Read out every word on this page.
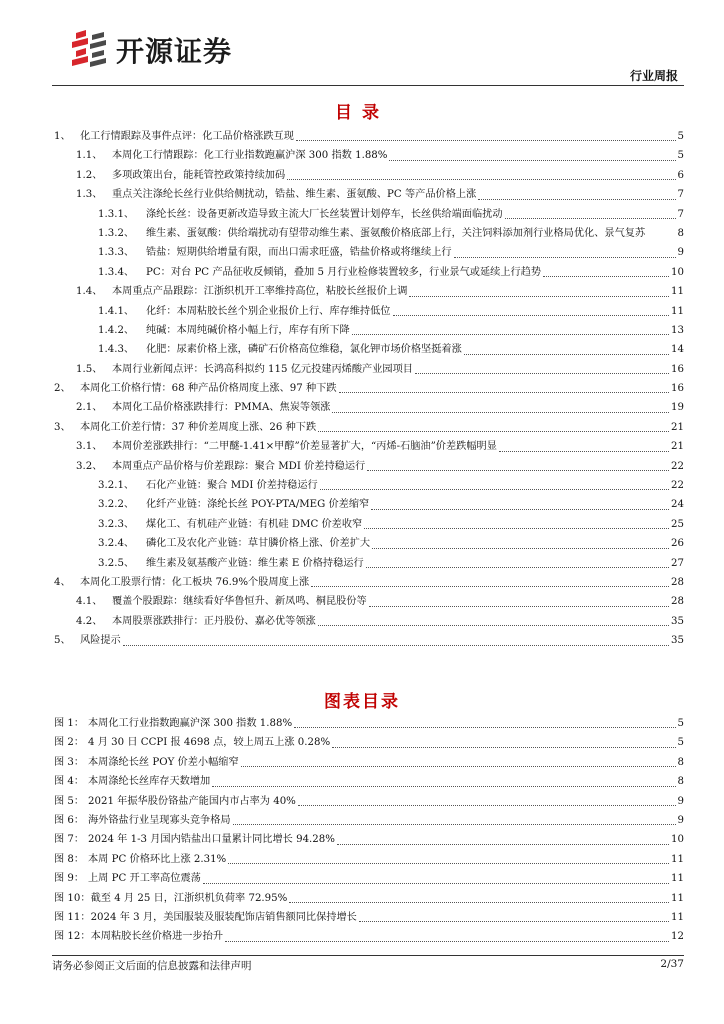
开源证券
行业周报
目录
1、 化工行情跟踪及事件点评：化工品价格涨跌互现	5
1.1、 本周化工行情跟踪：化工行业指数跑赢沪深 300 指数 1.88%	5
1.2、 多项政策出台，能耗管控政策持续加码	6
1.3、 重点关注涤纶长丝行业供给侧扰动，锆盐、维生素、蛋氨酸、PC 等产品价格上涨	7
1.3.1、	涤纶长丝：设备更新改造导致主流大厂长丝装置计划停车，长丝供给端面临扰动	7
1.3.2、	维生素、蛋氨酸：供给端扰动有望带动维生素、蛋氨酸价格底部上行，关注饲料添加剂行业格局优化、景气复苏	8
1.3.3、	锆盐：短期供给增量有限，而出口需求旺盛，锆盐价格或将继续上行	9
1.3.4、	PC：对台 PC 产品征收反倾销，叠加 5 月行业检修装置较多，行业景气或延续上行趋势	10
1.4、 本周重点产品跟踪：江浙织机开工率维持高位，粘胶长丝报价上调	11
1.4.1、	化纤：本周粘胶长丝个别企业报价上行、库存维持低位	11
1.4.2、	纯碱：本周纯碱价格小幅上行，库存有所下降	13
1.4.3、	化肥：尿素价格上涨，磷矿石价格高位维稳，氯化钾市场价格坚挺着涨	14
1.5、 本周行业新闻点评：长鸿高科拟约 115 亿元投建丙烯酸产业园项目	16
2、 本周化工价格行情：68 种产品价格周度上涨、97 种下跌	16
2.1、 本周化工品价格涨跌排行：PMMA、焦炭等领涨	19
3、 本周化工价差行情：37 种价差周度上涨、26 种下跌	21
3.1、 本周价差涨跌排行：“二甲醚-1.41×甲醇”价差显著扩大，“丙烯-石脑油”价差跌幅明显	21
3.2、 本周重点产品价格与价差跟踪：聚合 MDI 价差持稳运行	22
3.2.1、	石化产业链：聚合 MDI 价差持稳运行	22
3.2.2、	化纤产业链：涤纶长丝 POY-PTA/MEG 价差缩窄	24
3.2.3、	煤化工、有机硅产业链：有机硅 DMC 价差收窄	25
3.2.4、	磷化工及农化产业链：草甘膦价格上涨、价差扩大	26
3.2.5、	维生素及氨基酸产业链：维生素 E 价格持稳运行	27
4、 本周化工股票行情：化工板块 76.9%个股周度上涨	28
4.1、 覆盖个股跟踪：继续看好华鲁恒升、新凤鸣、桐昆股份等	28
4.2、 本周股票涨跌排行：正丹股份、嘉必优等领涨	35
5、 风险提示	35
图表目录
图 1： 本周化工行业指数跑赢沪深 300 指数 1.88%	5
图 2： 4 月 30 日 CCPI 报 4698 点，较上周五上涨 0.28%	5
图 3： 本周涤纶长丝 POY 价差小幅缩窄	8
图 4： 本周涤纶长丝库存天数增加	8
图 5： 2021 年振华股份铬盐产能国内市占率为 40%	9
图 6： 海外铬盐行业呈现寡头竞争格局	9
图 7： 2024 年 1-3 月国内锆盐出口量累计同比增长 94.28%	10
图 8： 本周 PC 价格环比上涨 2.31%	11
图 9： 上周 PC 开工率高位震荡	11
图 10： 截至 4 月 25 日，江浙织机负荷率 72.95%	11
图 11： 2024 年 3 月，美国服装及服装配饰店销售额同比保持增长	11
图 12： 本周粘胶长丝价格进一步抬升	12
请务必参阅正文后面的信息披露和法律声明	2/37
